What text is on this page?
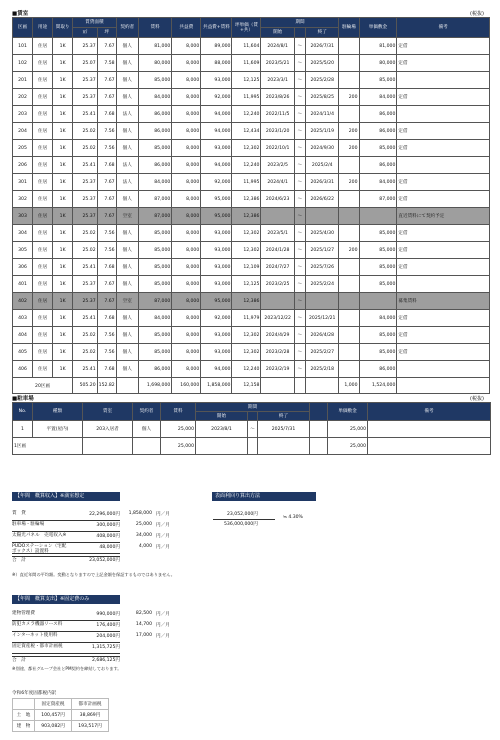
■賃室	(税抜)
区画	用途	間取り	賃貸面積		契約者	賃料	共益費	共益費+賃料	坪単価（賃+共）	期間			駐輪場	単価敷金	備考
			㎡	坪						開始		終了			
101	住居	1K	25.37	7.67	個人	81,000	8,000	89,000	11,604	2024/8/1	～	2026/7/31		81,000	定借
102	住居	1K	25.07	7.58	個人	80,000	8,000	88,000	11,609	2023/5/21	～	2025/5/20		80,000	定借
201	住居	1K	25.37	7.67	個人	85,000	8,000	93,000	12,125	2023/3/1	～	2025/2/28		85,000	
202	住居	1K	25.37	7.67	個人	84,000	8,000	92,000	11,995	2023/8/26	～	2025/8/25	200	84,000	定借
203	住居	1K	25.41	7.68	法人	86,000	8,000	94,000	12,240	2022/11/5	～	2024/11/4		86,000	
204	住居	1K	25.02	7.56	個人	86,000	8,000	94,000	12,434	2023/1/20	～	2025/1/19	200	86,000	定借
205	住居	1K	25.02	7.56	個人	85,000	8,000	93,000	12,302	2022/10/1	～	2024/9/30	200	85,000	定借
206	住居	1K	25.41	7.68	法人	86,000	8,000	94,000	12,240	2023/2/5	～	2025/2/4		86,000	
301	住居	1K	25.37	7.67	法人	84,000	8,000	92,000	11,995	2024/4/1	～	2026/3/31	200	84,000	定借
302	住居	1K	25.37	7.67	個人	87,000	8,000	95,000	12,386	2024/6/23	～	2026/6/22		87,000	定借
303	住居	1K	25.37	7.67	空室	87,000	8,000	95,000	12,386		～				直近賃料にて契約予定
304	住居	1K	25.02	7.56	個人	85,000	8,000	93,000	12,302	2023/5/1	～	2025/4/30		85,000	定借
305	住居	1K	25.02	7.56	個人	85,000	8,000	93,000	12,302	2024/1/28	～	2025/1/27	200	85,000	定借
306	住居	1K	25.41	7.68	個人	85,000	8,000	93,000	12,109	2024/7/27	～	2025/7/26		85,000	定借
401	住居	1K	25.37	7.67	個人	85,000	8,000	93,000	12,125	2023/2/25	～	2025/2/24		85,000	
402	住居	1K	25.37	7.67	空室	87,000	8,000	95,000	12,386		～				募集賃料
403	住居	1K	25.41	7.68	個人	84,000	8,000	92,000	11,979	2023/12/22	～	2025/12/21		84,000	定借
404	住居	1K	25.02	7.56	個人	85,000	8,000	93,000	12,302	2024/4/29	～	2026/4/28		85,000	定借
405	住居	1K	25.02	7.56	個人	85,000	8,000	93,000	12,302	2023/2/28	～	2025/2/27		85,000	定借
406	住居	1K	25.41	7.68	個人	86,000	8,000	94,000	12,240	2023/2/19	～	2025/2/18		86,000	
20区画			505.20	152.82		1,698,000	160,000	1,858,000	12,158				1,000	1,524,000	
■駐車場	(税抜)
No.	種類	賃室	契約者	賃料	期間				単価敷金	備考
					開始		終了			
1	平置(屋内)	203入居者	個人	25,000	2023/8/1	～	2025/7/31		25,000	
1区画				25,000					25,000	
【年間　概算収入】※満室想定
賃　貸	22,296,000円	1,858,000 円／月
駐車場・駐輪場	300,000円	25,000 円／月
太陽光パネル　売電収入※	408,000円	34,000 円／月
PUDOステーション（宅配ボックス）設置料
48,000円	4,000 円／月
合　計	23,052,000円
※）直近年間の平均額。変動となりますので上記金額を保証するものではありません。
表面利回り算出方法
23,052,000円
536,000,000円
≒ 4.30%
【年間　概算支出】※固定費のみ
建物管理費	990,000円	82,500 円／月
防犯カメラ機器リース料	176,400円	14,700 円／月
インターネット使用料	204,000円	17,000 円／月
固定資産税・都市計画税	1,315,725円
合　計	2,686,125円
※別途、都社グループ会社とPM契約を締結しております。
令和6年度固都税内訳
	固定資産税	都市計画税
土　地	100,457円	38,869円
建　物	903,082円	193,517円
